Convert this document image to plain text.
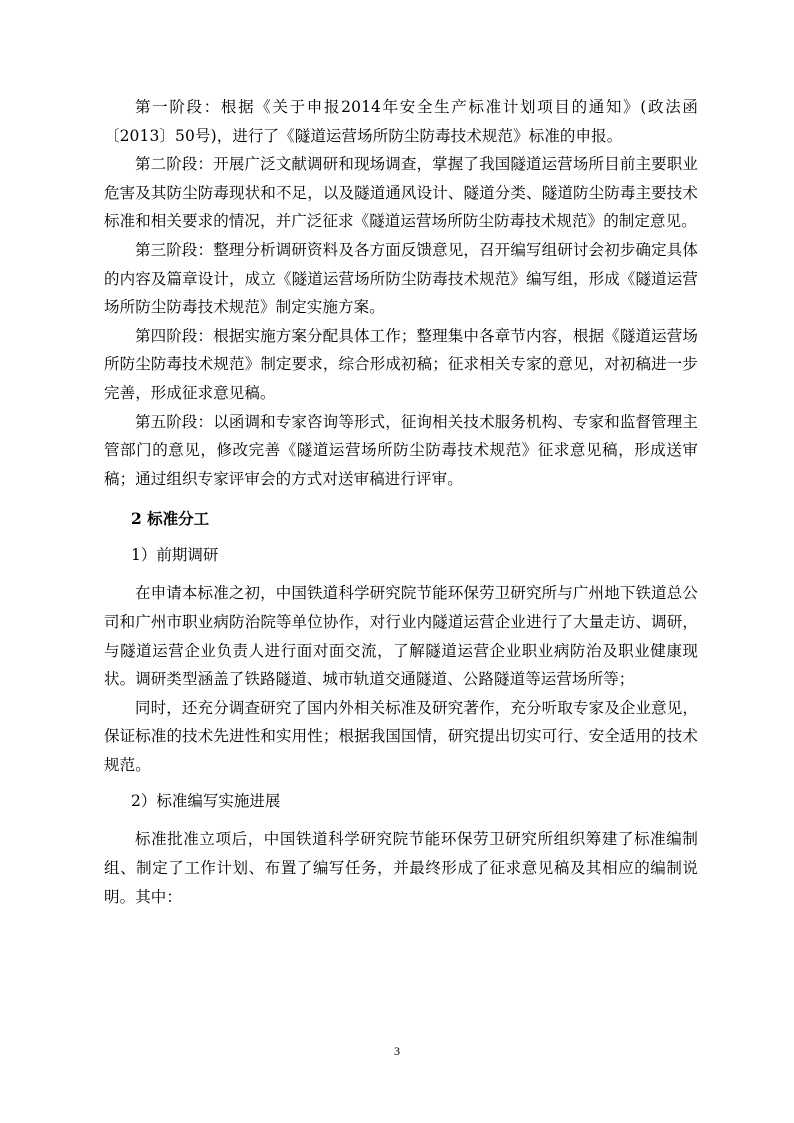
第一阶段：根据《关于申报2014年安全生产标准计划项目的通知》(政法函〔2013〕50号)，进行了《隧道运营场所防尘防毒技术规范》标准的申报。

第二阶段：开展广泛文献调研和现场调查，掌握了我国隧道运营场所目前主要职业危害及其防尘防毒现状和不足，以及隧道通风设计、隧道分类、隧道防尘防毒主要技术标准和相关要求的情况，并广泛征求《隧道运营场所防尘防毒技术规范》的制定意见。

第三阶段：整理分析调研资料及各方面反馈意见，召开编写组研讨会初步确定具体的内容及篇章设计，成立《隧道运营场所防尘防毒技术规范》编写组，形成《隧道运营场所防尘防毒技术规范》制定实施方案。

第四阶段：根据实施方案分配具体工作；整理集中各章节内容，根据《隧道运营场所防尘防毒技术规范》制定要求，综合形成初稿；征求相关专家的意见，对初稿进一步完善，形成征求意见稿。

第五阶段：以函调和专家咨询等形式，征询相关技术服务机构、专家和监督管理主管部门的意见，修改完善《隧道运营场所防尘防毒技术规范》征求意见稿，形成送审稿；通过组织专家评审会的方式对送审稿进行评审。

2 标准分工

1）前期调研

在申请本标准之初，中国铁道科学研究院节能环保劳卫研究所与广州地下铁道总公司和广州市职业病防治院等单位协作，对行业内隧道运营企业进行了大量走访、调研，与隧道运营企业负责人进行面对面交流，了解隧道运营企业职业病防治及职业健康现状。调研类型涵盖了铁路隧道、城市轨道交通隧道、公路隧道等运营场所等；

同时，还充分调查研究了国内外相关标准及研究著作，充分听取专家及企业意见，保证标准的技术先进性和实用性；根据我国国情，研究提出切实可行、安全适用的技术规范。

2）标准编写实施进展

标准批准立项后，中国铁道科学研究院节能环保劳卫研究所组织筹建了标准编制组、制定了工作计划、布置了编写任务，并最终形成了征求意见稿及其相应的编制说明。其中：

3
